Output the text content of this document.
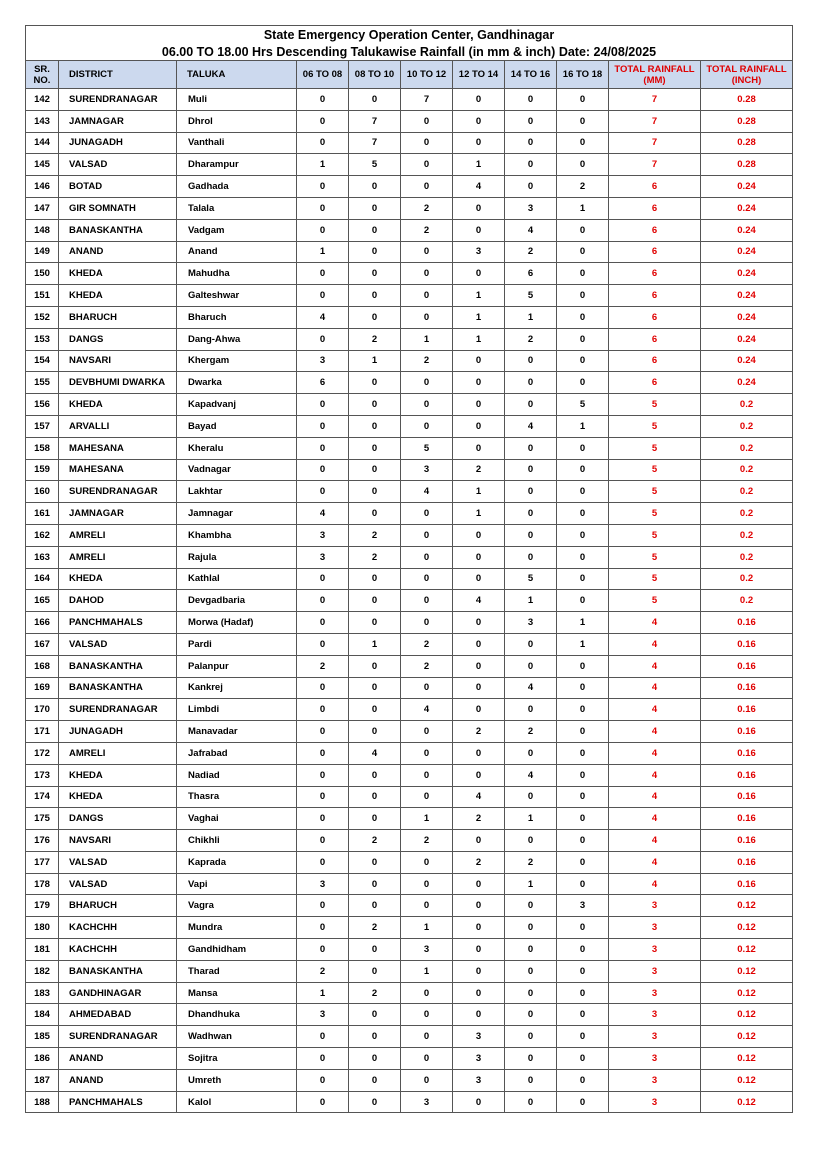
State Emergency Operation Center, Gandhinagar										
06.00 TO 18.00 Hrs Descending Talukawise Rainfall (in mm & inch) Date: 24/08/2025										
SR. NO.	DISTRICT	TALUKA	06 TO 08	08 TO 10	10 TO 12	12 TO 14	14 TO 16	16 TO 18	TOTAL RAINFALL (MM)	TOTAL RAINFALL (INCH)
142	SURENDRANAGAR	Muli	0	0	7	0	0	0	7	0.28
143	JAMNAGAR	Dhrol	0	7	0	0	0	0	7	0.28
144	JUNAGADH	Vanthali	0	7	0	0	0	0	7	0.28
145	VALSAD	Dharampur	1	5	0	1	0	0	7	0.28
146	BOTAD	Gadhada	0	0	0	4	0	2	6	0.24
147	GIR SOMNATH	Talala	0	0	2	0	3	1	6	0.24
148	BANASKANTHA	Vadgam	0	0	2	0	4	0	6	0.24
149	ANAND	Anand	1	0	0	3	2	0	6	0.24
150	KHEDA	Mahudha	0	0	0	0	6	0	6	0.24
151	KHEDA	Galteshwar	0	0	0	1	5	0	6	0.24
152	BHARUCH	Bharuch	4	0	0	1	1	0	6	0.24
153	DANGS	Dang-Ahwa	0	2	1	1	2	0	6	0.24
154	NAVSARI	Khergam	3	1	2	0	0	0	6	0.24
155	DEVBHUMI DWARKA	Dwarka	6	0	0	0	0	0	6	0.24
156	KHEDA	Kapadvanj	0	0	0	0	0	5	5	0.2
157	ARVALLI	Bayad	0	0	0	0	4	1	5	0.2
158	MAHESANA	Kheralu	0	0	5	0	0	0	5	0.2
159	MAHESANA	Vadnagar	0	0	3	2	0	0	5	0.2
160	SURENDRANAGAR	Lakhtar	0	0	4	1	0	0	5	0.2
161	JAMNAGAR	Jamnagar	4	0	0	1	0	0	5	0.2
162	AMRELI	Khambha	3	2	0	0	0	0	5	0.2
163	AMRELI	Rajula	3	2	0	0	0	0	5	0.2
164	KHEDA	Kathlal	0	0	0	0	5	0	5	0.2
165	DAHOD	Devgadbaria	0	0	0	4	1	0	5	0.2
166	PANCHMAHALS	Morwa (Hadaf)	0	0	0	0	3	1	4	0.16
167	VALSAD	Pardi	0	1	2	0	0	1	4	0.16
168	BANASKANTHA	Palanpur	2	0	2	0	0	0	4	0.16
169	BANASKANTHA	Kankrej	0	0	0	0	4	0	4	0.16
170	SURENDRANAGAR	Limbdi	0	0	4	0	0	0	4	0.16
171	JUNAGADH	Manavadar	0	0	0	2	2	0	4	0.16
172	AMRELI	Jafrabad	0	4	0	0	0	0	4	0.16
173	KHEDA	Nadiad	0	0	0	0	4	0	4	0.16
174	KHEDA	Thasra	0	0	0	4	0	0	4	0.16
175	DANGS	Vaghai	0	0	1	2	1	0	4	0.16
176	NAVSARI	Chikhli	0	2	2	0	0	0	4	0.16
177	VALSAD	Kaprada	0	0	0	2	2	0	4	0.16
178	VALSAD	Vapi	3	0	0	0	1	0	4	0.16
179	BHARUCH	Vagra	0	0	0	0	0	3	3	0.12
180	KACHCHH	Mundra	0	2	1	0	0	0	3	0.12
181	KACHCHH	Gandhidham	0	0	3	0	0	0	3	0.12
182	BANASKANTHA	Tharad	2	0	1	0	0	0	3	0.12
183	GANDHINAGAR	Mansa	1	2	0	0	0	0	3	0.12
184	AHMEDABAD	Dhandhuka	3	0	0	0	0	0	3	0.12
185	SURENDRANAGAR	Wadhwan	0	0	0	3	0	0	3	0.12
186	ANAND	Sojitra	0	0	0	3	0	0	3	0.12
187	ANAND	Umreth	0	0	0	3	0	0	3	0.12
188	PANCHMAHALS	Kalol	0	0	3	0	0	0	3	0.12
